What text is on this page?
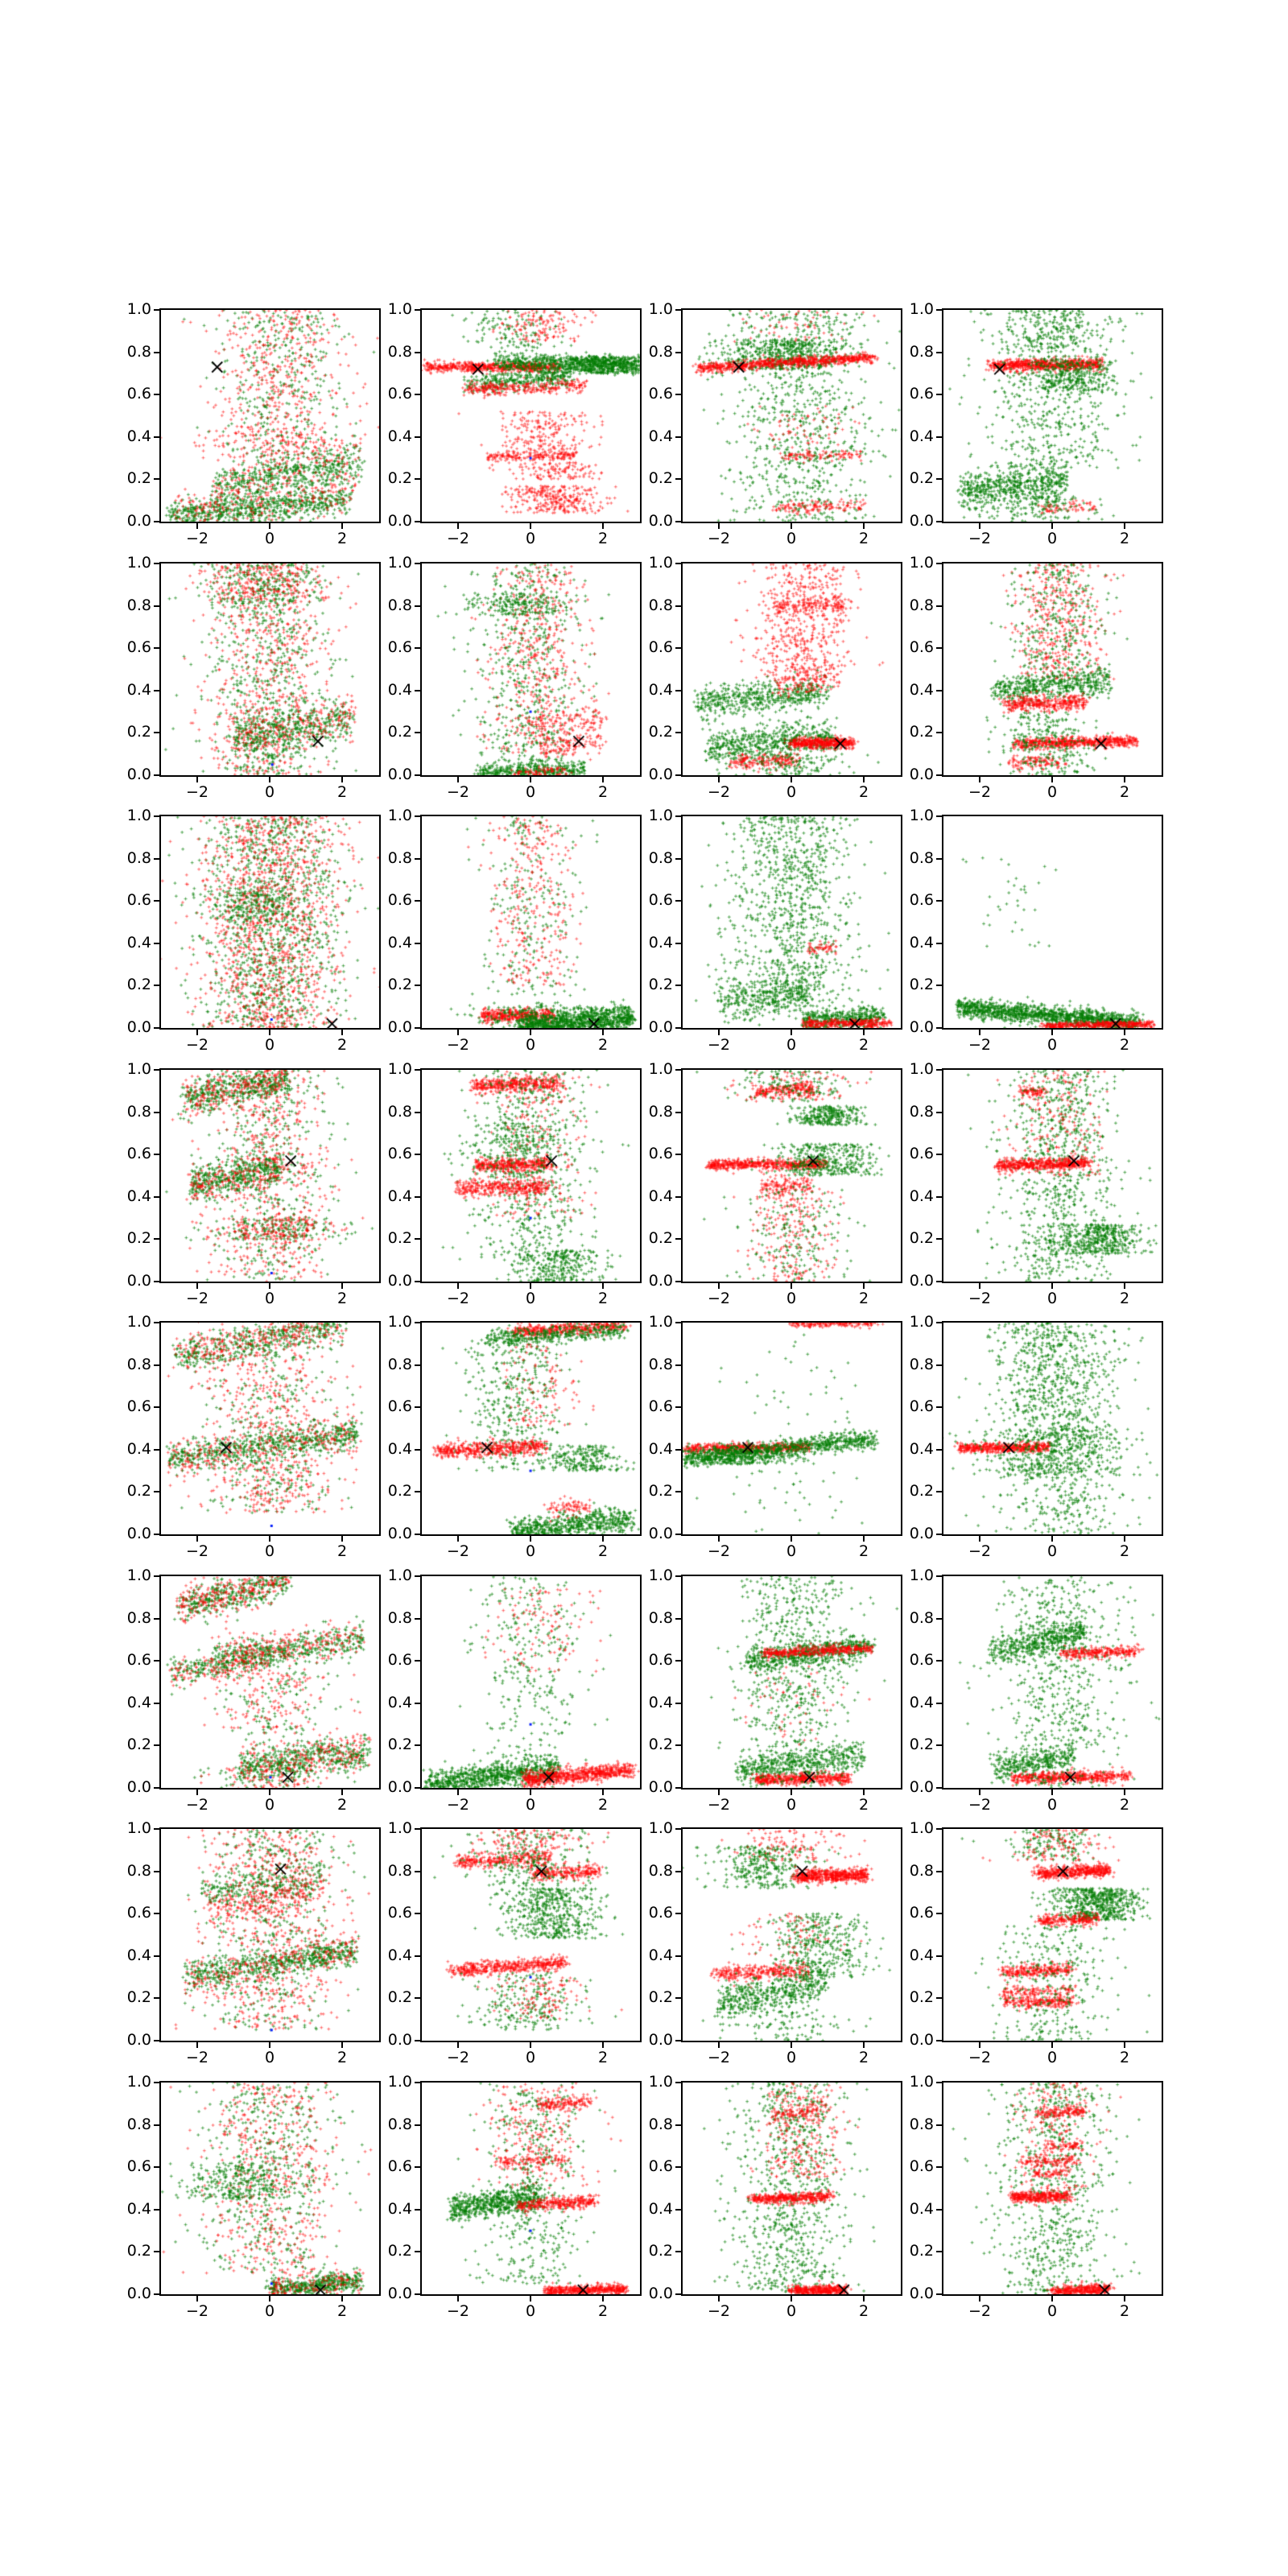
1.0
0.8
0.6
0.4
0.2
0.0
−2	0	2
1.0
0.8
0.6
0.4
0.2
0.0
−2	0	2
1.0
0.8
0.6
0.4
0.2
0.0
−2	0	2
1.0
0.8
0.6
0.4
0.2
0.0
−2	0	2
1.0
0.8
0.6
0.4
0.2
0.0
−2	0	2
1.0
0.8
0.6
0.4
0.2
0.0
−2	0	2
1.0
0.8
0.6
0.4
0.2
0.0
−2	0	2
1.0
0.8
0.6
0.4
0.2
0.0
−2	0	2
1.0
0.8
0.6
0.4
0.2
0.0
−2	0	2
1.0
0.8
0.6
0.4
0.2
0.0
−2	0	2
1.0
0.8
0.6
0.4
0.2
0.0
−2	0	2
1.0
0.8
0.6
0.4
0.2
0.0
−2	0	2
1.0
0.8
0.6
0.4
0.2
0.0
−2	0	2
1.0
0.8
0.6
0.4
0.2
0.0
−2	0	2
1.0
0.8
0.6
0.4
0.2
0.0
−2	0	2
1.0
0.8
0.6
0.4
0.2
0.0
−2	0	2
1.0
0.8
0.6
0.4
0.2
0.0
−2	0	2
1.0
0.8
0.6
0.4
0.2
0.0
−2	0	2
1.0
0.8
0.6
0.4
0.2
0.0
−2	0	2
1.0
0.8
0.6
0.4
0.2
0.0
−2	0	2
1.0
0.8
0.6
0.4
0.2
0.0
−2	0	2
1.0
0.8
0.6
0.4
0.2
0.0
−2	0	2
1.0
0.8
0.6
0.4
0.2
0.0
−2	0	2
1.0
0.8
0.6
0.4
0.2
0.0
−2	0	2
1.0
0.8
0.6
0.4
0.2
0.0
−2	0	2
1.0
0.8
0.6
0.4
0.2
0.0
−2	0	2
1.0
0.8
0.6
0.4
0.2
0.0
−2	0	2
1.0
0.8
0.6
0.4
0.2
0.0
−2	0	2
1.0
0.8
0.6
0.4
0.2
0.0
−2	0	2
1.0
0.8
0.6
0.4
0.2
0.0
−2	0	2
1.0
0.8
0.6
0.4
0.2
0.0
−2	0	2
1.0
0.8
0.6
0.4
0.2
0.0
−2	0	2
